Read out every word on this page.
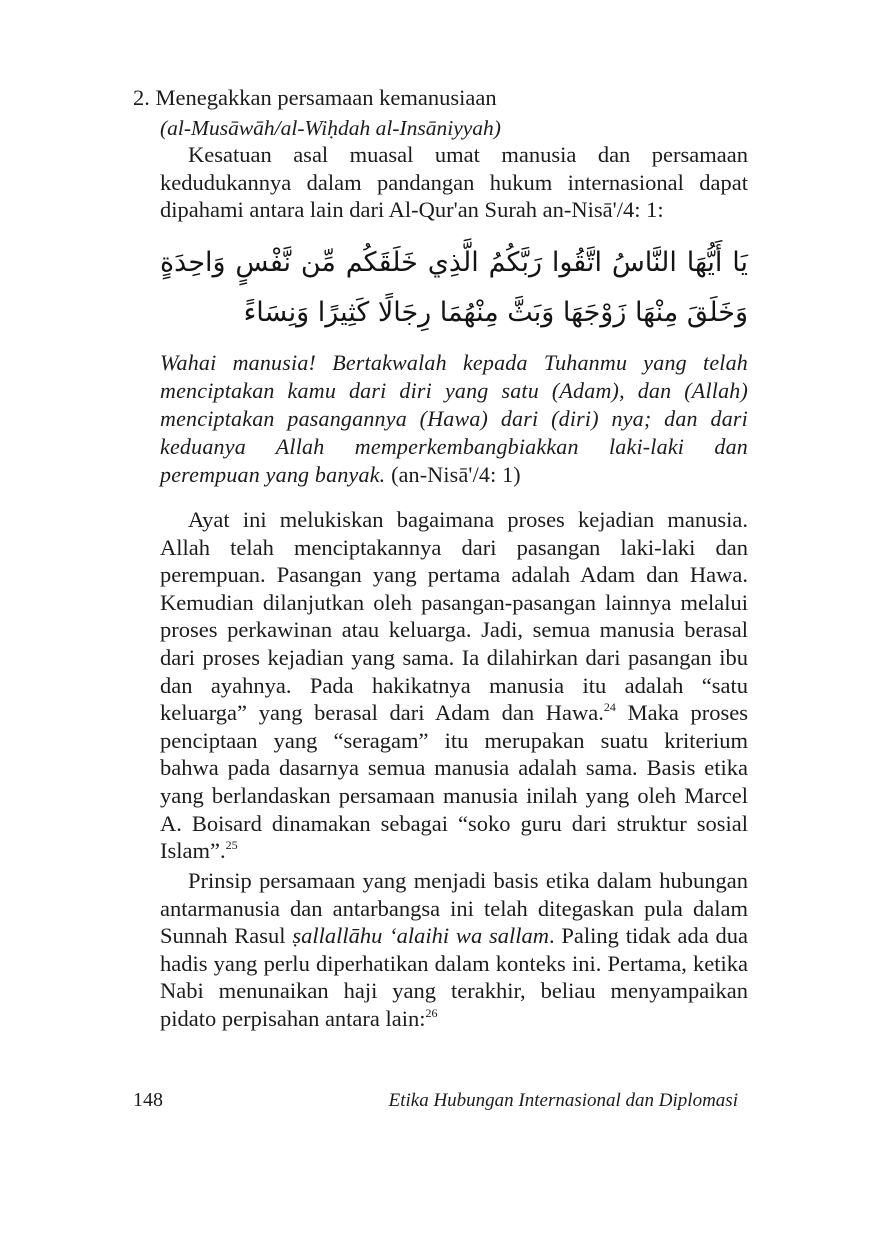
2. Menegakkan persamaan kemanusiaan
(al-Musāwāh/al-Wiḥdah al-Insāniyyah)

Kesatuan asal muasal umat manusia dan persamaan kedudukannya dalam pandangan hukum internasional dapat dipahami antara lain dari Al-Qur'an Surah an-Nisā'/4: 1:

يَا أَيُّهَا النَّاسُ اتَّقُوا رَبَّكُمُ الَّذِي خَلَقَكُم مِّن نَّفْسٍ وَاحِدَةٍ وَخَلَقَ مِنْهَا زَوْجَهَا وَبَثَّ مِنْهُمَا رِجَالًا كَثِيرًا وَنِسَاءً

Wahai manusia! Bertakwalah kepada Tuhanmu yang telah menciptakan kamu dari diri yang satu (Adam), dan (Allah) menciptakan pasangannya (Hawa) dari (diri) nya; dan dari keduanya Allah memperkembangbiakkan laki-laki dan perempuan yang banyak. (an-Nisā'/4: 1)

Ayat ini melukiskan bagaimana proses kejadian manusia. Allah telah menciptakannya dari pasangan laki-laki dan perempuan. Pasangan yang pertama adalah Adam dan Hawa. Kemudian dilanjutkan oleh pasangan-pasangan lainnya melalui proses perkawinan atau keluarga. Jadi, semua manusia berasal dari proses kejadian yang sama. Ia dilahirkan dari pasangan ibu dan ayahnya. Pada hakikatnya manusia itu adalah “satu keluarga” yang berasal dari Adam dan Hawa.$^{24}$ Maka proses penciptaan yang “seragam” itu merupakan suatu kriterium bahwa pada dasarnya semua manusia adalah sama. Basis etika yang berlandaskan persamaan manusia inilah yang oleh Marcel A. Boisard dinamakan sebagai “soko guru dari struktur sosial Islam”.$^{25}$

Prinsip persamaan yang menjadi basis etika dalam hubungan antarmanusia dan antarbangsa ini telah ditegaskan pula dalam Sunnah Rasul ṣallallāhu ‘alaihi wa sallam. Paling tidak ada dua hadis yang perlu diperhatikan dalam konteks ini. Pertama, ketika Nabi menunaikan haji yang terakhir, beliau menyampaikan pidato perpisahan antara lain:$^{26}$

148	Etika Hubungan Internasional dan Diplomasi
